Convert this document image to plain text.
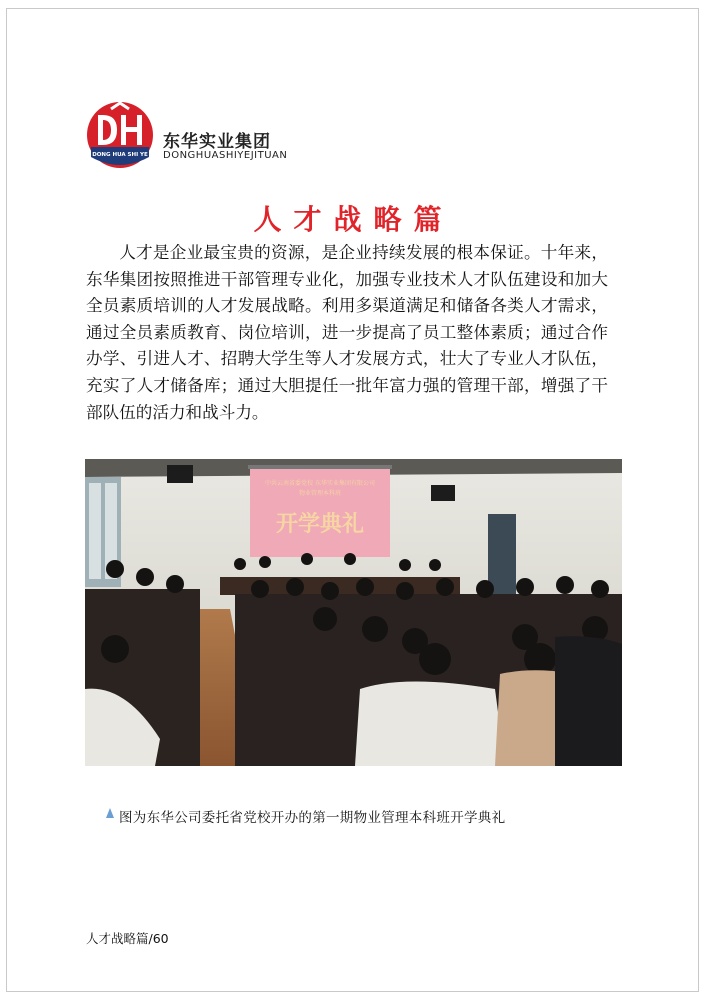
DONG HUA SHI YE
东华实业集团
DONGHUASHIYEJITUAN
人才战略篇

人才是企业最宝贵的资源，是企业持续发展的根本保证。十年来，东华集团按照推进干部管理专业化，加强专业技术人才队伍建设和加大全员素质培训的人才发展战略。利用多渠道满足和储备各类人才需求，通过全员素质教育、岗位培训，进一步提高了员工整体素质；通过合作办学、引进人才、招聘大学生等人才发展方式，壮大了专业人才队伍，充实了人才储备库；通过大胆提任一批年富力强的管理干部，增强了干部队伍的活力和战斗力。

中共云南省委党校 东华实业集团有限公司
物业管理本科班
开学典礼
图为东华公司委托省党校开办的第一期物业管理本科班开学典礼
人才战略篇/60
